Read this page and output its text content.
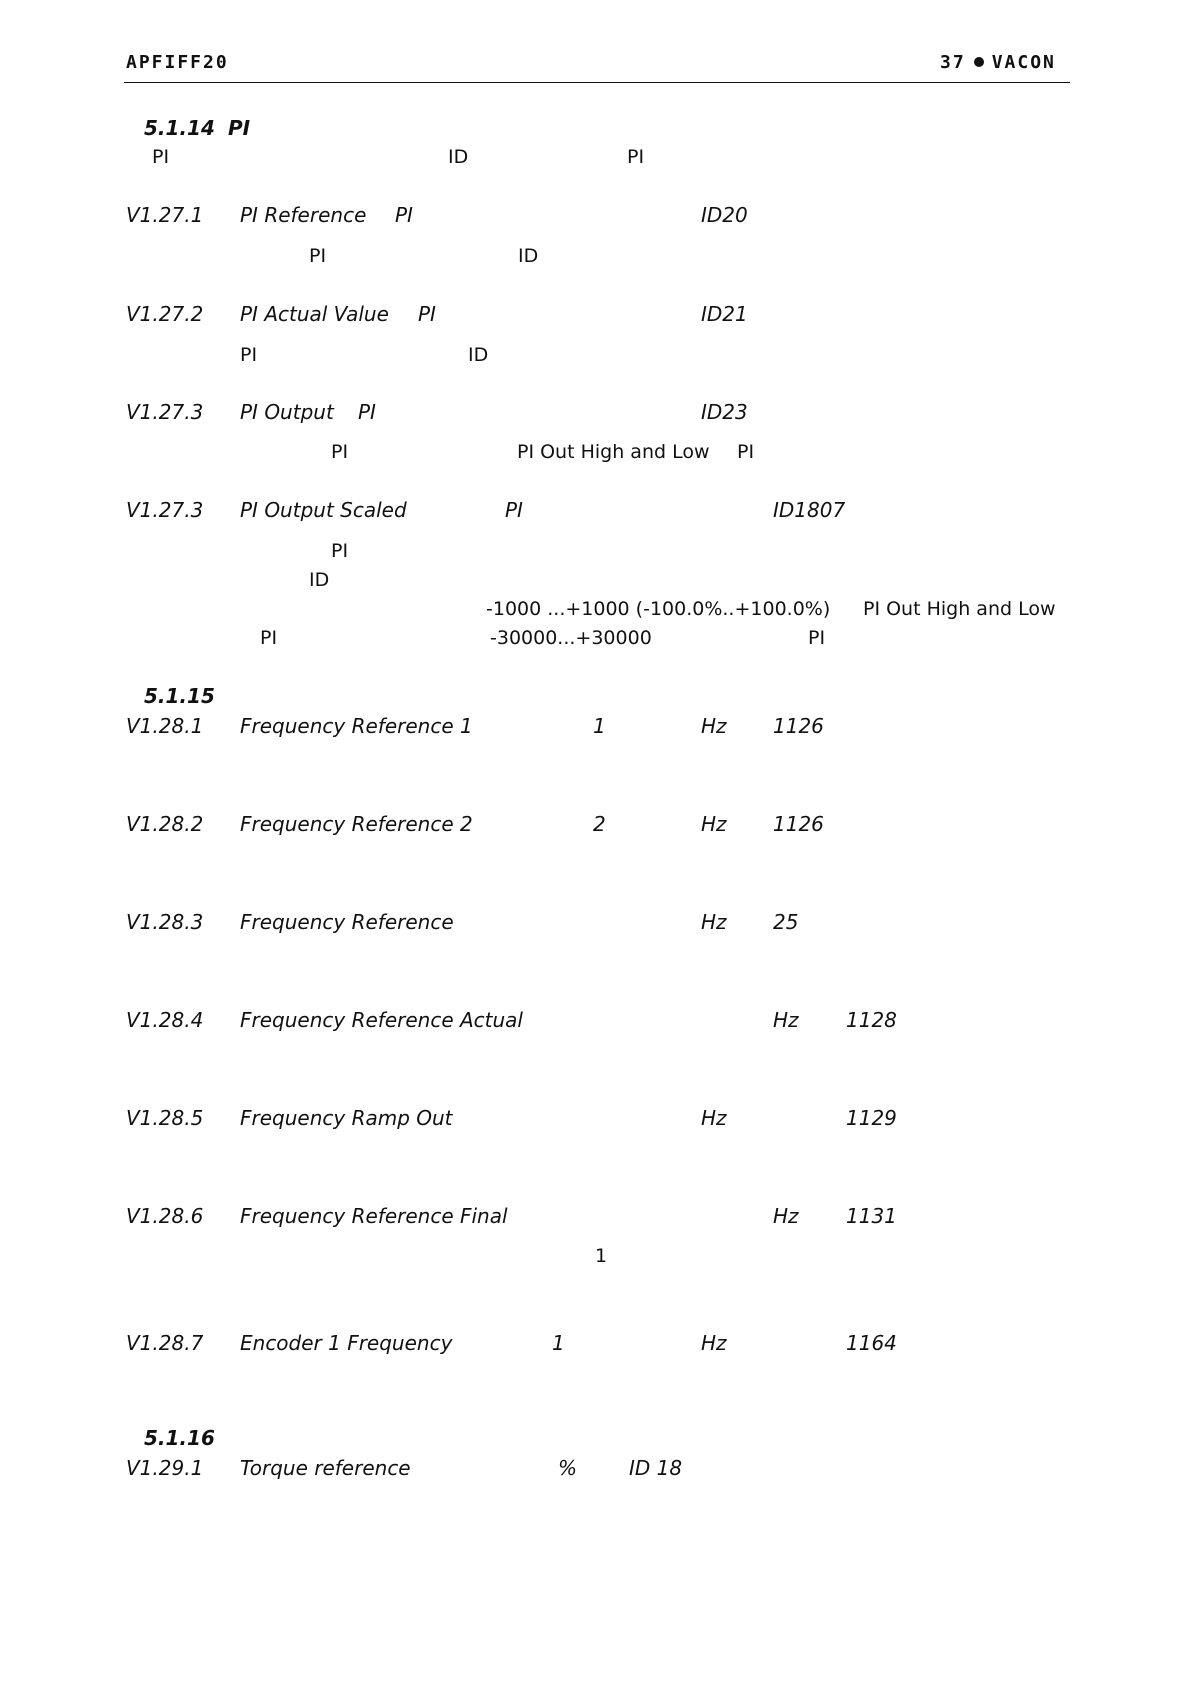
APFIFF20	37 VACON
5.1.14 PI
PI	ID	PI
V1.27.1 PI Reference PI	ID20
PI	ID
V1.27.2 PI Actual Value PI	ID21
PI	ID
V1.27.3 PI Output PI	ID23
PI	PI Out High and Low PI
V1.27.3 PI Output Scaled	PI	ID1807
PI
ID
-1000 ...+1000 (-100.0%..+100.0%) PI Out High and Low
PI	-30000...+30000	PI
5.1.15
V1.28.1 Frequency Reference 1	1	Hz 1126
V1.28.2 Frequency Reference 2	2	Hz 1126
V1.28.3 Frequency Reference	Hz 25
V1.28.4 Frequency Reference Actual	Hz 1128
V1.28.5 Frequency Ramp Out	Hz	1129
V1.28.6 Frequency Reference Final	Hz 1131
1
V1.28.7 Encoder 1 Frequency	1	Hz	1164
5.1.16
V1.29.1 Torque reference	%	ID 18
